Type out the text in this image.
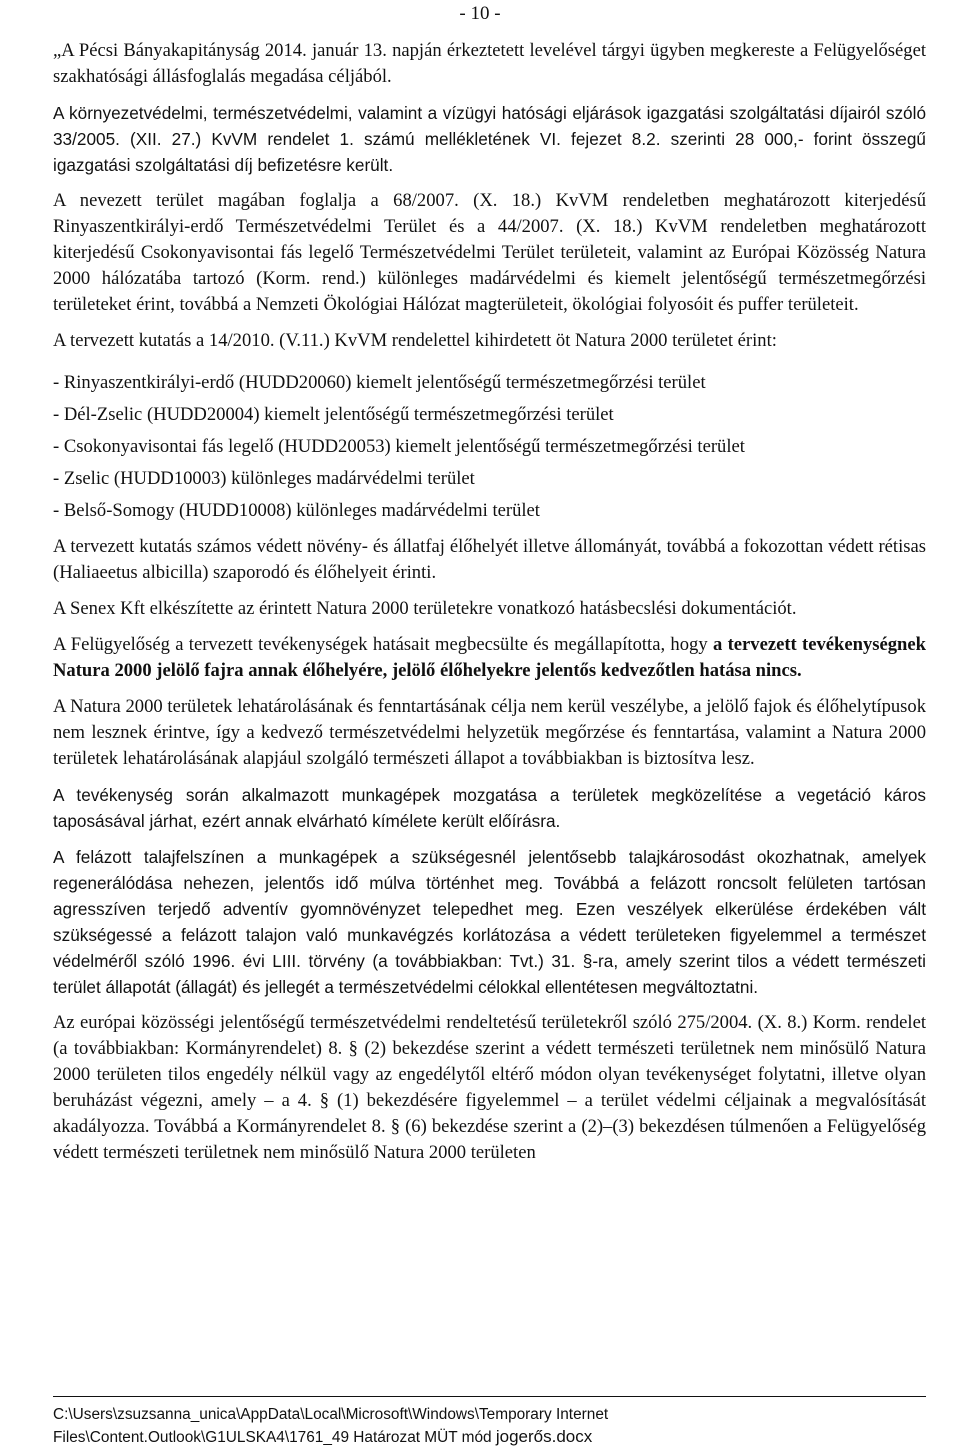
- 10 -

„A Pécsi Bányakapitányság 2014. január 13. napján érkeztetett levelével tárgyi ügyben megkereste a Felügyelőséget szakhatósági állásfoglalás megadása céljából.

A környezetvédelmi, természetvédelmi, valamint a vízügyi hatósági eljárások igazgatási szolgáltatási díjairól szóló 33/2005. (XII. 27.) KvVM rendelet 1. számú mellékletének VI. fejezet 8.2. szerinti 28 000,- forint összegű igazgatási szolgáltatási díj befizetésre került.

A nevezett terület magában foglalja a 68/2007. (X. 18.) KvVM rendeletben meghatározott kiterjedésű Rinyaszentkirályi-erdő Természetvédelmi Terület és a 44/2007. (X. 18.) KvVM rendeletben meghatározott kiterjedésű Csokonyavisontai fás legelő Természetvédelmi Terület területeit, valamint az Európai Közösség Natura 2000 hálózatába tartozó (Korm. rend.) különleges madárvédelmi és kiemelt jelentőségű természetmegőrzési területeket érint, továbbá a Nemzeti Ökológiai Hálózat magterületeit, ökológiai folyosóit és puffer területeit.

A tervezett kutatás a 14/2010. (V.11.) KvVM rendelettel kihirdetett öt Natura 2000 területet érint:

- Rinyaszentkirályi-erdő (HUDD20060) kiemelt jelentőségű természetmegőrzési terület

- Dél-Zselic (HUDD20004) kiemelt jelentőségű természetmegőrzési terület

- Csokonyavisontai fás legelő (HUDD20053) kiemelt jelentőségű természetmegőrzési terület

- Zselic (HUDD10003) különleges madárvédelmi terület

- Belső-Somogy (HUDD10008) különleges madárvédelmi terület

A tervezett kutatás számos védett növény- és állatfaj élőhelyét illetve állományát, továbbá a fokozottan védett rétisas (Haliaeetus albicilla) szaporodó és élőhelyeit érinti.

A Senex Kft elkészítette az érintett Natura 2000 területekre vonatkozó hatásbecslési dokumentációt.

A Felügyelőség a tervezett tevékenységek hatásait megbecsülte és megállapította, hogy a tervezett tevékenységnek Natura 2000 jelölő fajra annak élőhelyére, jelölő élőhelyekre jelentős kedvezőtlen hatása nincs.

A Natura 2000 területek lehatárolásának és fenntartásának célja nem kerül veszélybe, a jelölő fajok és élőhelytípusok nem lesznek érintve, így a kedvező természetvédelmi helyzetük megőrzése és fenntartása, valamint a Natura 2000 területek lehatárolásának alapjául szolgáló természeti állapot a továbbiakban is biztosítva lesz.

A tevékenység során alkalmazott munkagépek mozgatása a területek megközelítése a vegetáció káros taposásával járhat, ezért annak elvárható kímélete került előírásra.

A felázott talajfelszínen a munkagépek a szükségesnél jelentősebb talajkárosodást okozhatnak, amelyek regenerálódása nehezen, jelentős idő múlva történhet meg. Továbbá a felázott roncsolt felületen tartósan agresszíven terjedő adventív gyomnövényzet telepedhet meg. Ezen veszélyek elkerülése érdekében vált szükségessé a felázott talajon való munkavégzés korlátozása a védett területeken figyelemmel a természet védelméről szóló 1996. évi LIII. törvény (a továbbiakban: Tvt.) 31. §-ra, amely szerint tilos a védett természeti terület állapotát (állagát) és jellegét a természetvédelmi célokkal ellentétesen megváltoztatni.

Az európai közösségi jelentőségű természetvédelmi rendeltetésű területekről szóló 275/2004. (X. 8.) Korm. rendelet (a továbbiakban: Kormányrendelet) 8. § (2) bekezdése szerint a védett természeti területnek nem minősülő Natura 2000 területen tilos engedély nélkül vagy az engedélytől eltérő módon olyan tevékenységet folytatni, illetve olyan beruházást végezni, amely – a 4. § (1) bekezdésére figyelemmel – a terület védelmi céljainak a megvalósítását akadályozza. Továbbá a Kormányrendelet 8. § (6) bekezdése szerint a (2)–(3) bekezdésen túlmenően a Felügyelőség védett természeti területnek nem minősülő Natura 2000 területen

C:\Users\zsuzsanna_unica\AppData\Local\Microsoft\Windows\Temporary Internet
Files\Content.Outlook\G1ULSKA4\1761_49 Határozat MÜT mód jogerős.docx
